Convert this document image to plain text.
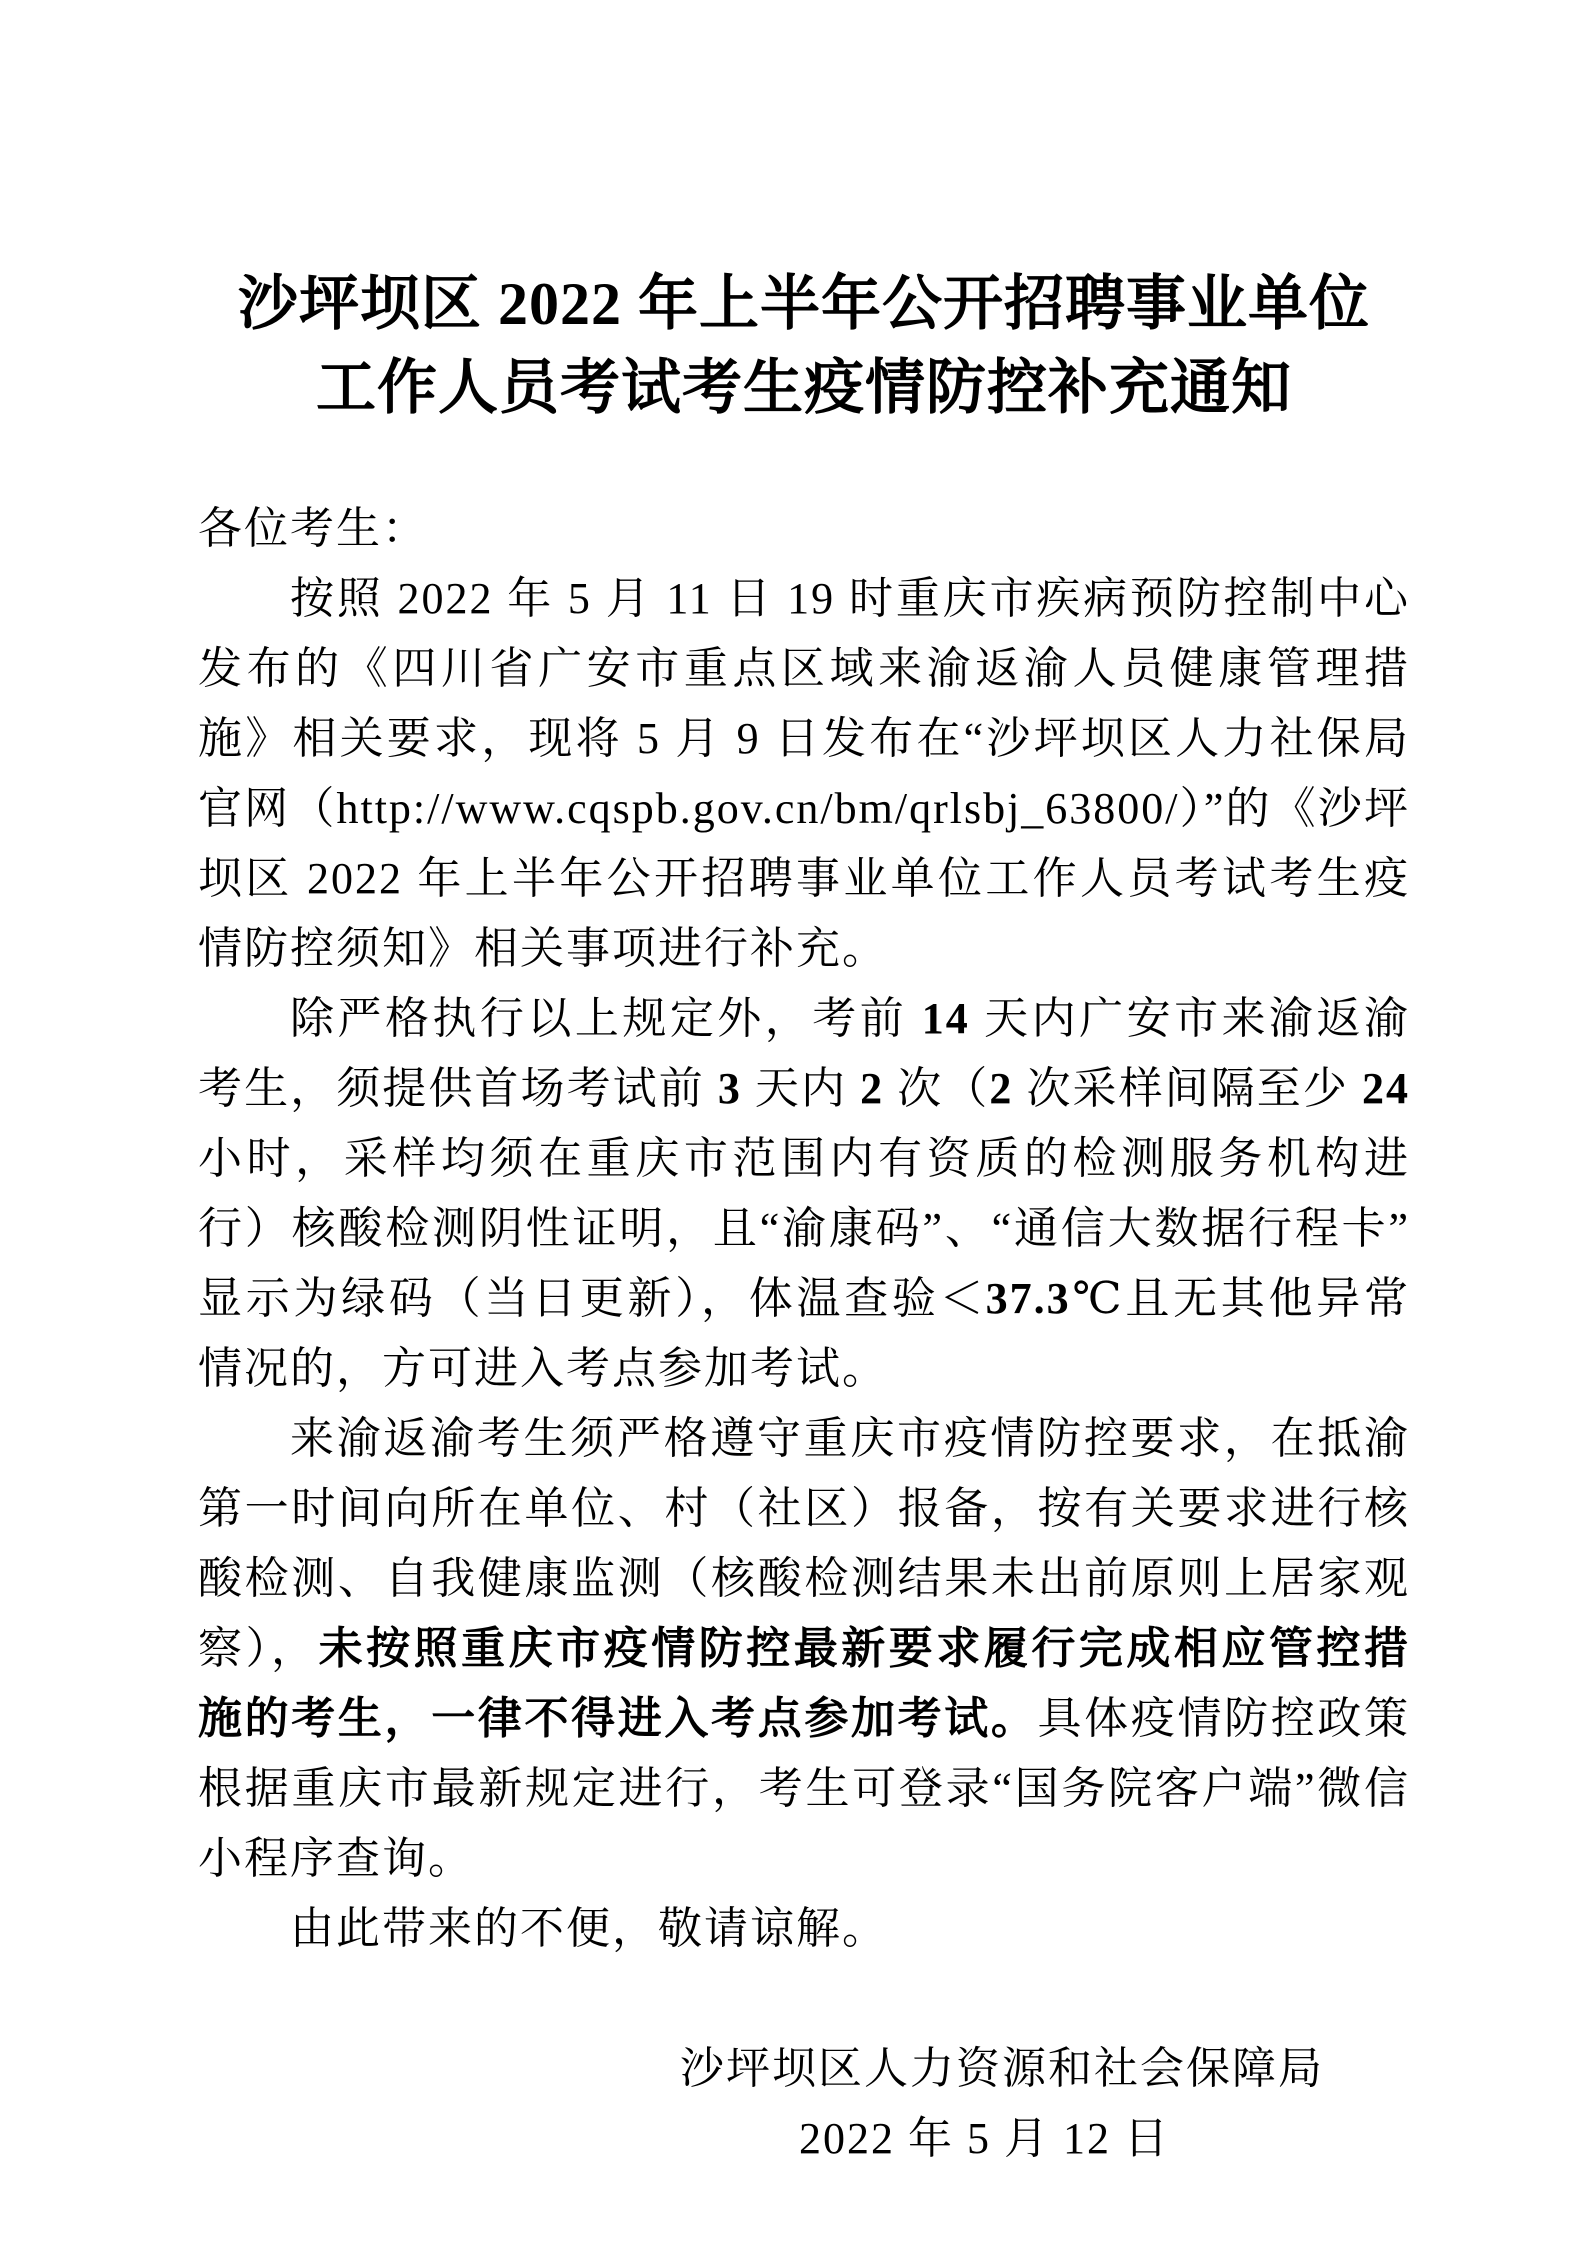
沙坪坝区 2022 年上半年公开招聘事业单位
工作人员考试考生疫情防控补充通知

各位考生：

按照 2022 年 5 月 11 日 19 时重庆市疾病预防控制中心发布的《四川省广安市重点区域来渝返渝人员健康管理措施》相关要求，现将 5 月 9 日发布在“沙坪坝区人力社保局官网（http://www.cqspb.gov.cn/bm/qrlsbj_63800/）”的《沙坪坝区 2022 年上半年公开招聘事业单位工作人员考试考生疫情防控须知》相关事项进行补充。

除严格执行以上规定外，考前 14 天内广安市来渝返渝考生，须提供首场考试前 3 天内 2 次（2 次采样间隔至少 24 小时，采样均须在重庆市范围内有资质的检测服务机构进行）核酸检测阴性证明，且“渝康码”、“通信大数据行程卡”显示为绿码（当日更新），体温查验＜37.3℃且无其他异常情况的，方可进入考点参加考试。

来渝返渝考生须严格遵守重庆市疫情防控要求，在抵渝第一时间向所在单位、村（社区）报备，按有关要求进行核酸检测、自我健康监测（核酸检测结果未出前原则上居家观察），未按照重庆市疫情防控最新要求履行完成相应管控措施的考生，一律不得进入考点参加考试。具体疫情防控政策根据重庆市最新规定进行，考生可登录“国务院客户端”微信小程序查询。

由此带来的不便，敬请谅解。

沙坪坝区人力资源和社会保障局
2022 年 5 月 12 日
